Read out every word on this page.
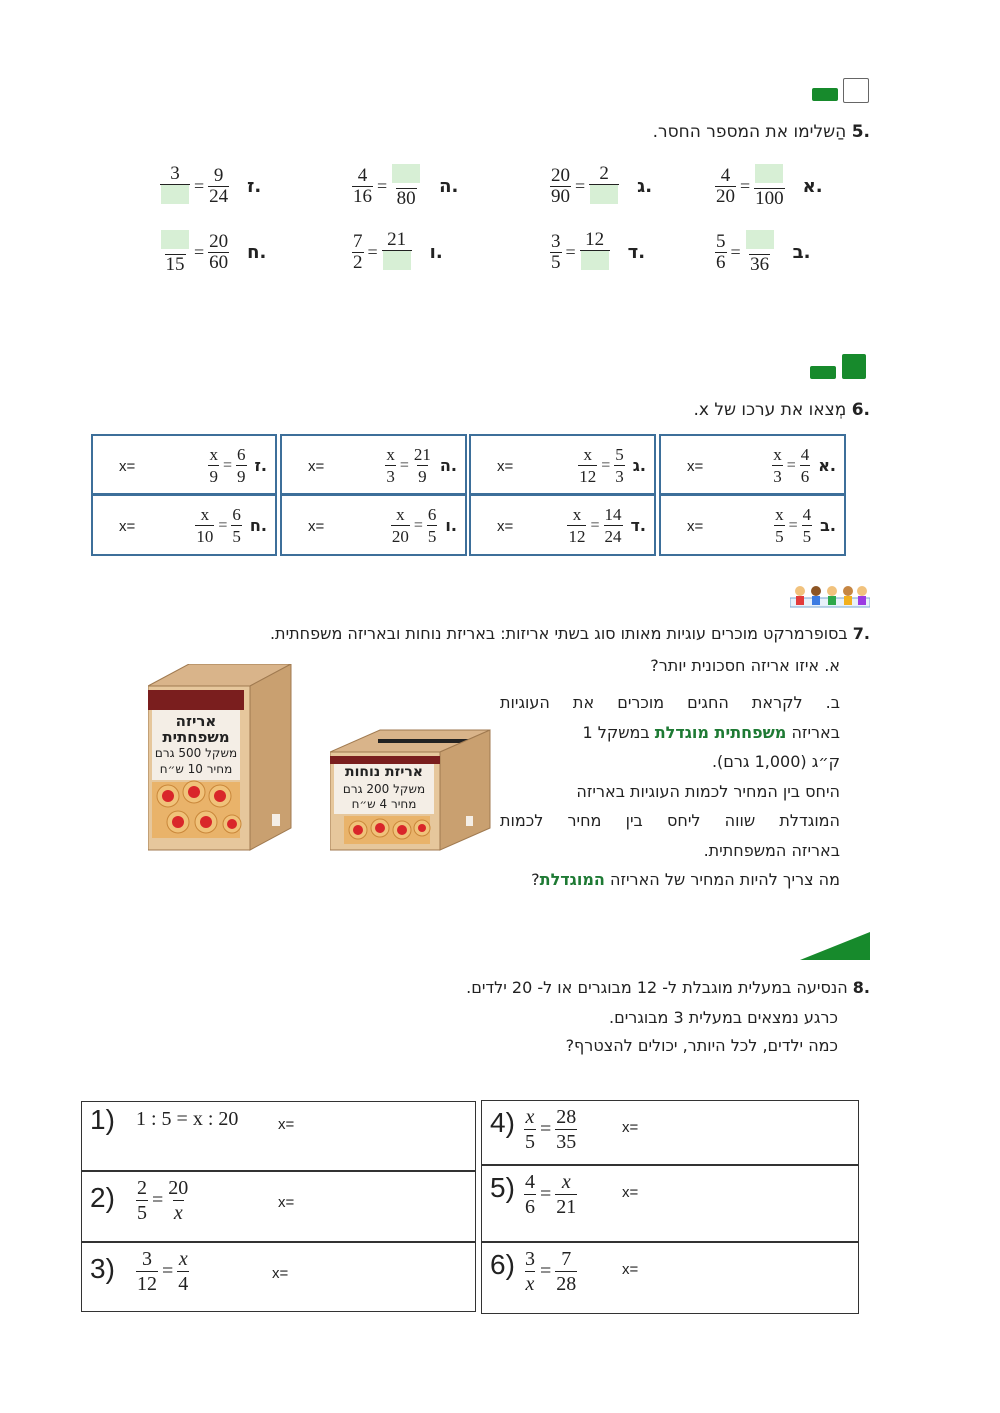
.5 הַשלימו את המספר החסר.
$\frac{4}{20}$ =
100
א.
$\frac{20}{90}$ =
2
ג.
$\frac{4}{16}$ =
80
ה.
3
= $\frac{9}{24}$ ז.
$\frac{5}{6}$ =
36
ב.
$\frac{3}{5}$ =
12
ד.
$\frac{7}{2}$ =
21
ו.
15
= $\frac{20}{60}$ ח.
.6 מְצאו את ערכו של x.
$\frac{x}{3} = \frac{4}{6}$ א.
x=
$\frac{x}{12} = \frac{5}{3}$ ג.
x=
$\frac{x}{3} = \frac{21}{9}$ ה.
x=
$\frac{x}{9} = \frac{6}{9}$ ז.
x=
$\frac{x}{5} = \frac{4}{5}$ ב.
x=
$\frac{x}{12} = \frac{14}{24}$ ד.
x=
$\frac{x}{20} = \frac{6}{5}$ ו.
x=
$\frac{x}{10} = \frac{6}{5}$ ח.
x=
.7 בסופרמרקט מוכרים עוגיות מאותו סוג בשתי אריזות: באריזת נוחות ובאריזה משפחתית.
א. איזו אריזה חסכונית יותר?
ב. לקראת החגים מוכרים את העוגיות
באריזה משפחתית מוגדלת במשקל 1
ק״ג (1,000 גרם).
היחס בין המחיר לכמות העוגיות באריזה
המוגדלת שווה ליחס בין מחיר לכמות
באריזה המשפחתית.
מה צריך להיות המחיר של האריזה המוגדלת?
אריזה
משפחתית
משקל 500 גרם
מחיר 10 ש״ח	אריזת נוחות
משקל 200 גרם
מחיר 4 ש״ח
.8 הנסיעה במעלית מוגבלת ל- 12 מבוגרים או ל- 20 ילדים.
כרגע נמצאים במעלית 3 מבוגרים.
כמה ילדים, לכל היותר, יכולים להצטרף?
1) 1 : 5 = x : 20	x=
$2) \frac{2}{5} = \frac{20}{x}$	x=
$3) \frac{3}{12} = \frac{x}{4}$	x=
$4) \frac{x}{5} = \frac{28}{35}$	x=
$5) \frac{4}{6} = \frac{x}{21}$	x=
$6) \frac{3}{x} = \frac{7}{28}$	x=
